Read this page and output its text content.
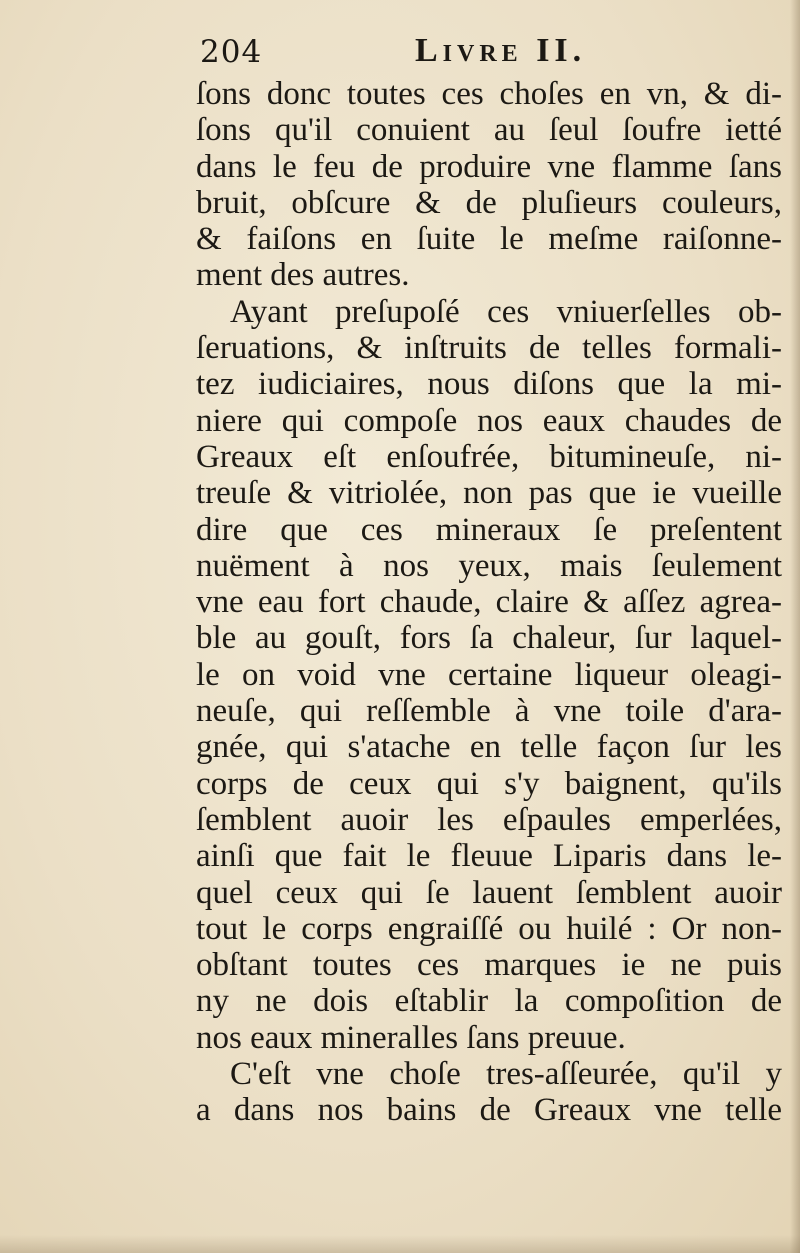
204	Livre II.
ſons donc toutes ces choſes en vn, & di-
ſons qu'il conuient au ſeul ſoufre ietté
dans le feu de produire vne flamme ſans
bruit, obſcure & de pluſieurs couleurs,
& faiſons en ſuite le meſme raiſonne-
ment des autres.
Ayant preſupoſé ces vniuerſelles ob-
ſeruations, & inſtruits de telles formali-
tez iudiciaires, nous diſons que la mi-
niere qui compoſe nos eaux chaudes de
Greaux eſt enſoufrée, bitumineuſe, ni-
treuſe & vitriolée, non pas que ie vueille
dire que ces mineraux ſe preſentent
nuëment à nos yeux, mais ſeulement
vne eau fort chaude, claire & aſſez agrea-
ble au gouſt, fors ſa chaleur, ſur laquel-
le on void vne certaine liqueur oleagi-
neuſe, qui reſſemble à vne toile d'ara-
gnée, qui s'atache en telle façon ſur les
corps de ceux qui s'y baignent, qu'ils
ſemblent auoir les eſpaules emperlées,
ainſi que fait le fleuue Liparis dans le-
quel ceux qui ſe lauent ſemblent auoir
tout le corps engraiſſé ou huilé : Or non-
obſtant toutes ces marques ie ne puis
ny ne dois eſtablir la compoſition de
nos eaux mineralles ſans preuue.
C'eſt vne choſe tres-aſſeurée, qu'il y
a dans nos bains de Greaux vne telle
